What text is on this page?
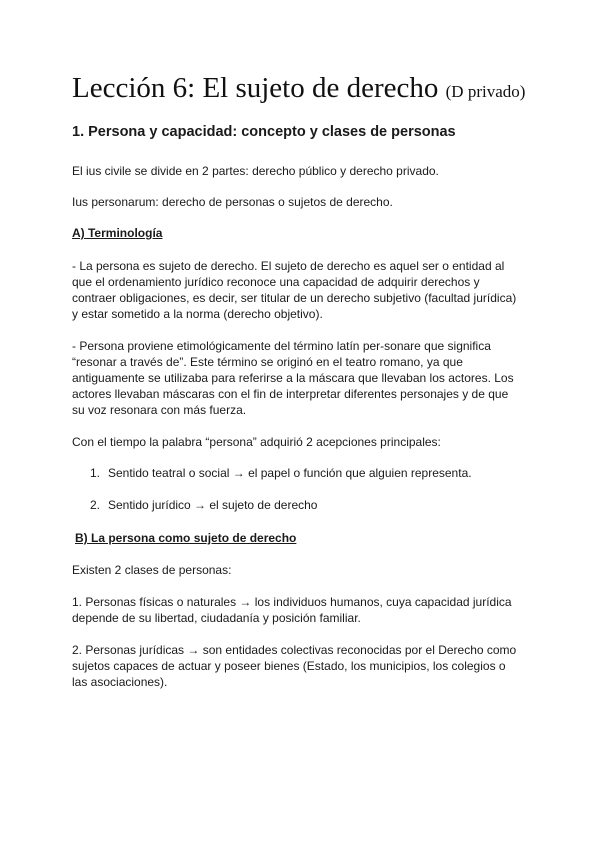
Lección 6: El sujeto de derecho (D privado)
1. Persona y capacidad: concepto y clases de personas
El ius civile se divide en 2 partes: derecho público y derecho privado.
Ius personarum: derecho de personas o sujetos de derecho.
A) Terminología
- La persona es sujeto de derecho. El sujeto de derecho es aquel ser o entidad al
que el ordenamiento jurídico reconoce una capacidad de adquirir derechos y
contraer obligaciones, es decir, ser titular de un derecho subjetivo (facultad jurídica)
y estar sometido a la norma (derecho objetivo).
- Persona proviene etimológicamente del término latín per-sonare que significa
“resonar a través de”. Este término se originó en el teatro romano, ya que
antiguamente se utilizaba para referirse a la máscara que llevaban los actores. Los
actores llevaban máscaras con el fin de interpretar diferentes personajes y de que
su voz resonara con más fuerza.
Con el tiempo la palabra “persona” adquirió 2 acepciones principales:
1. Sentido teatral o social → el papel o función que alguien representa.
2. Sentido jurídico → el sujeto de derecho
B) La persona como sujeto de derecho
Existen 2 clases de personas:
1. Personas físicas o naturales → los individuos humanos, cuya capacidad jurídica
depende de su libertad, ciudadanía y posición familiar.
2. Personas jurídicas → son entidades colectivas reconocidas por el Derecho como
sujetos capaces de actuar y poseer bienes (Estado, los municipios, los colegios o
las asociaciones).
